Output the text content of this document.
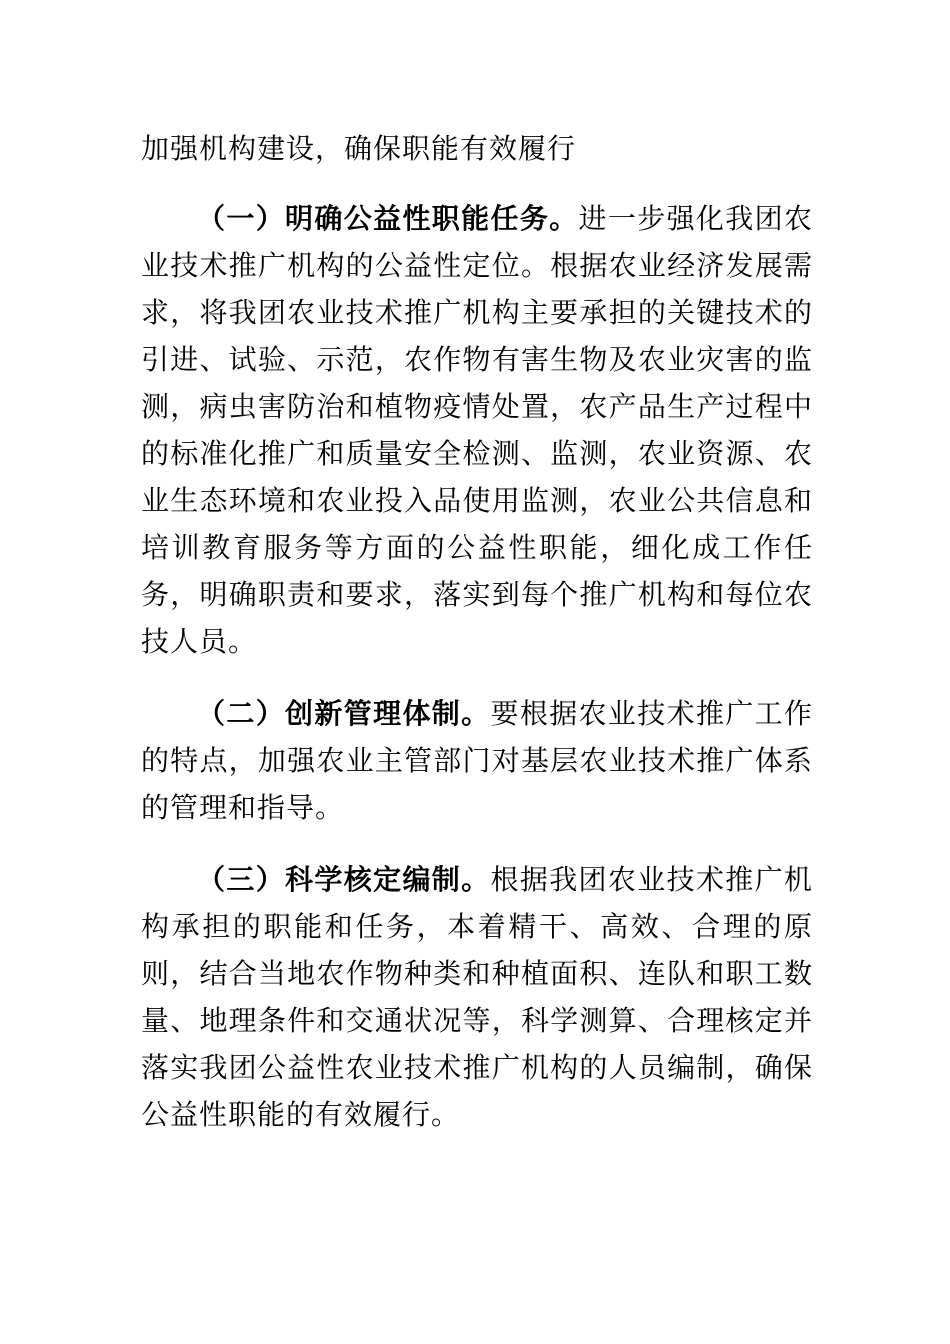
加强机构建设，确保职能有效履行

（一）明确公益性职能任务。进一步强化我团农业技术推广机构的公益性定位。根据农业经济发展需求，将我团农业技术推广机构主要承担的关键技术的引进、试验、示范，农作物有害生物及农业灾害的监测，病虫害防治和植物疫情处置，农产品生产过程中的标准化推广和质量安全检测、监测，农业资源、农业生态环境和农业投入品使用监测，农业公共信息和培训教育服务等方面的公益性职能，细化成工作任务，明确职责和要求，落实到每个推广机构和每位农技人员。

（二）创新管理体制。要根据农业技术推广工作的特点，加强农业主管部门对基层农业技术推广体系的管理和指导。

（三）科学核定编制。根据我团农业技术推广机构承担的职能和任务，本着精干、高效、合理的原则，结合当地农作物种类和种植面积、连队和职工数量、地理条件和交通状况等，科学测算、合理核定并落实我团公益性农业技术推广机构的人员编制，确保公益性职能的有效履行。
